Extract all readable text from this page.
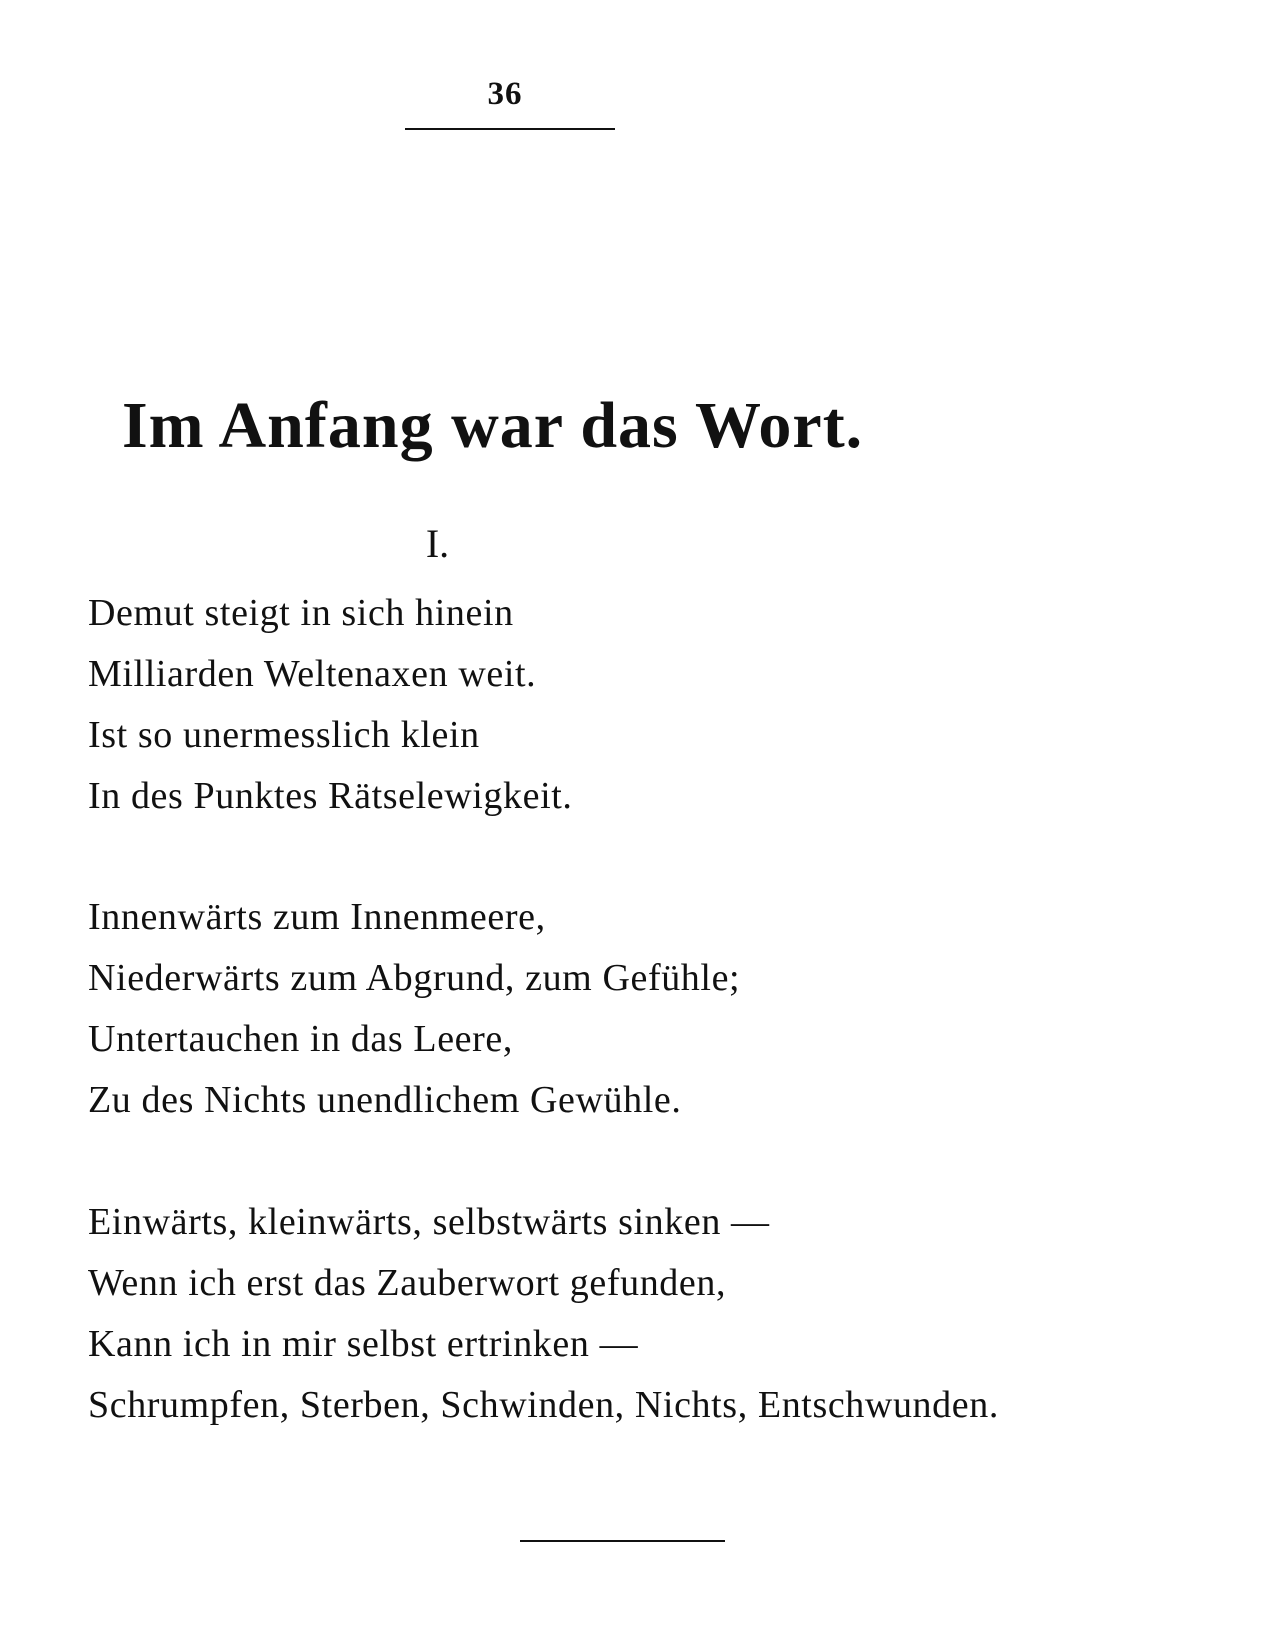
36
Im Anfang war das Wort.
I.
Demut steigt in sich hinein
Milliarden Weltenaxen weit.
Ist so unermesslich klein
In des Punktes Rätselewigkeit.
Innenwärts zum Innenmeere,
Niederwärts zum Abgrund, zum Gefühle;
Untertauchen in das Leere,
Zu des Nichts unendlichem Gewühle.
Einwärts, kleinwärts, selbstwärts sinken —
Wenn ich erst das Zauberwort gefunden,
Kann ich in mir selbst ertrinken —
Schrumpfen, Sterben, Schwinden, Nichts, Entschwunden.
